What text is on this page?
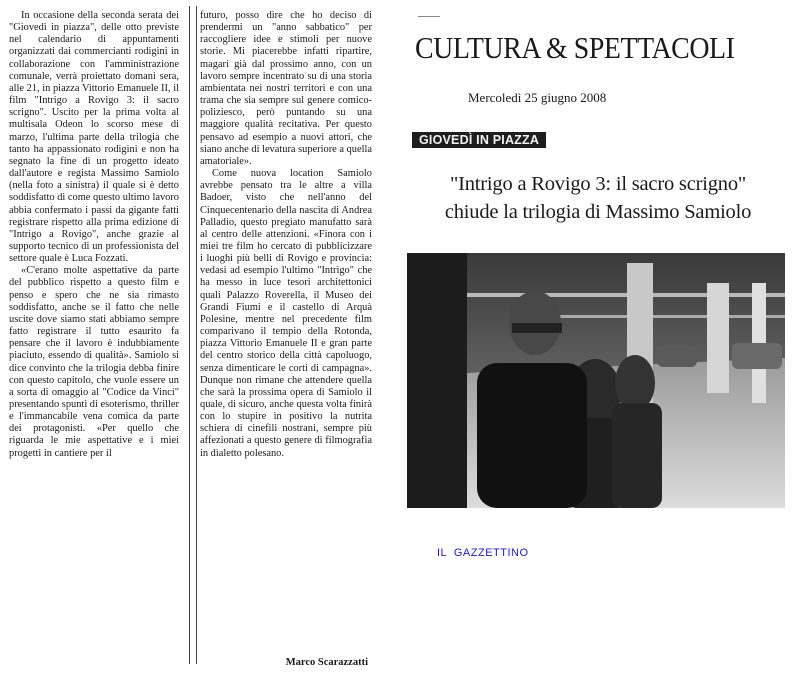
In occasione della seconda serata dei "Giovedì in piazza", delle otto previste nel calendario di appuntamenti organizzati dai commercianti rodigini in collaborazione con l'amministrazione comunale, verrà proiettato domani sera, alle 21, in piazza Vittorio Emanuele II, il film "Intrigo a Rovigo 3: il sacro scrigno". Uscito per la prima volta al multisala Odeon lo scorso mese di marzo, l'ultima parte della trilogia che tanto ha appassionato rodigini e non ha segnato la fine di un progetto ideato dall'autore e regista Massimo Samiolo (nella foto a sinistra) il quale si è detto soddisfatto di come questo ultimo lavoro abbia confermato i passi da gigante fatti registrare rispetto alla prima edizione di "Intrigo a Rovigo", anche grazie al supporto tecnico di un professionista del settore quale è Luca Fozzati.

«C'erano molte aspettative da parte del pubblico rispetto a questo film e penso e spero che ne sia rimasto soddisfatto, anche se il fatto che nelle uscite dove siamo stati abbiamo sempre fatto registrare il tutto esaurito fa pensare che il lavoro è indubbiamente piaciuto, essendo di qualità». Samiolo si dice convinto che la trilogia debba finire con questo capitolo, che vuole essere un a sorta di omaggio al "Codice da Vinci" presentando spunti di esoterismo, thriller e l'immancabile vena comica da parte dei protagonisti. «Per quello che riguarda le mie aspettative e i miei progetti in cantiere per il

futuro, posso dire che ho deciso di prendermi un "anno sabbatico" per raccogliere idee e stimoli per nuove storie. Mi piacerebbe infatti ripartire, magari già dal prossimo anno, con un lavoro sempre incentrato su di una storia ambientata nei nostri territori e con una trama che sia sempre sul genere comico-poliziesco, però puntando su una maggiore qualità recitativa. Per questo pensavo ad esempio a nuovi attori, che siano anche di levatura superiore a quella amatoriale».

Come nuova location Samiolo avrebbe pensato tra le altre a villa Badoer, visto che nell'anno del Cinquecentenario della nascita di Andrea Palladio, questo pregiato manufatto sarà al centro delle attenzioni. «Finora con i miei tre film ho cercato di pubblicizzare i luoghi più belli di Rovigo e provincia: vedasi ad esempio l'ultimo "Intrigo" che ha messo in luce tesori architettonici quali Palazzo Roverella, il Museo dei Grandi Fiumi e il castello di Arquà Polesine, mentre nel precedente film comparivano il tempio della Rotonda, piazza Vittorio Emanuele II e gran parte del centro storico della città capoluogo, senza dimenticare le corti di campagna». Dunque non rimane che attendere quella che sarà la prossima opera di Samiolo il quale, di sicuro, anche questa volta finirà con lo stupire in positivo la nutrita schiera di cinefili nostrani, sempre più affezionati a questo genere di filmografia in dialetto polesano.

Marco Scarazzatti
CULTURA & SPETTACOLI
Mercoledì 25 giugno 2008
GIOVEDÌ IN PIAZZA
"Intrigo a Rovigo 3: il sacro scrigno"
chiude la trilogia di Massimo Samiolo
IL  GAZZETTINO
